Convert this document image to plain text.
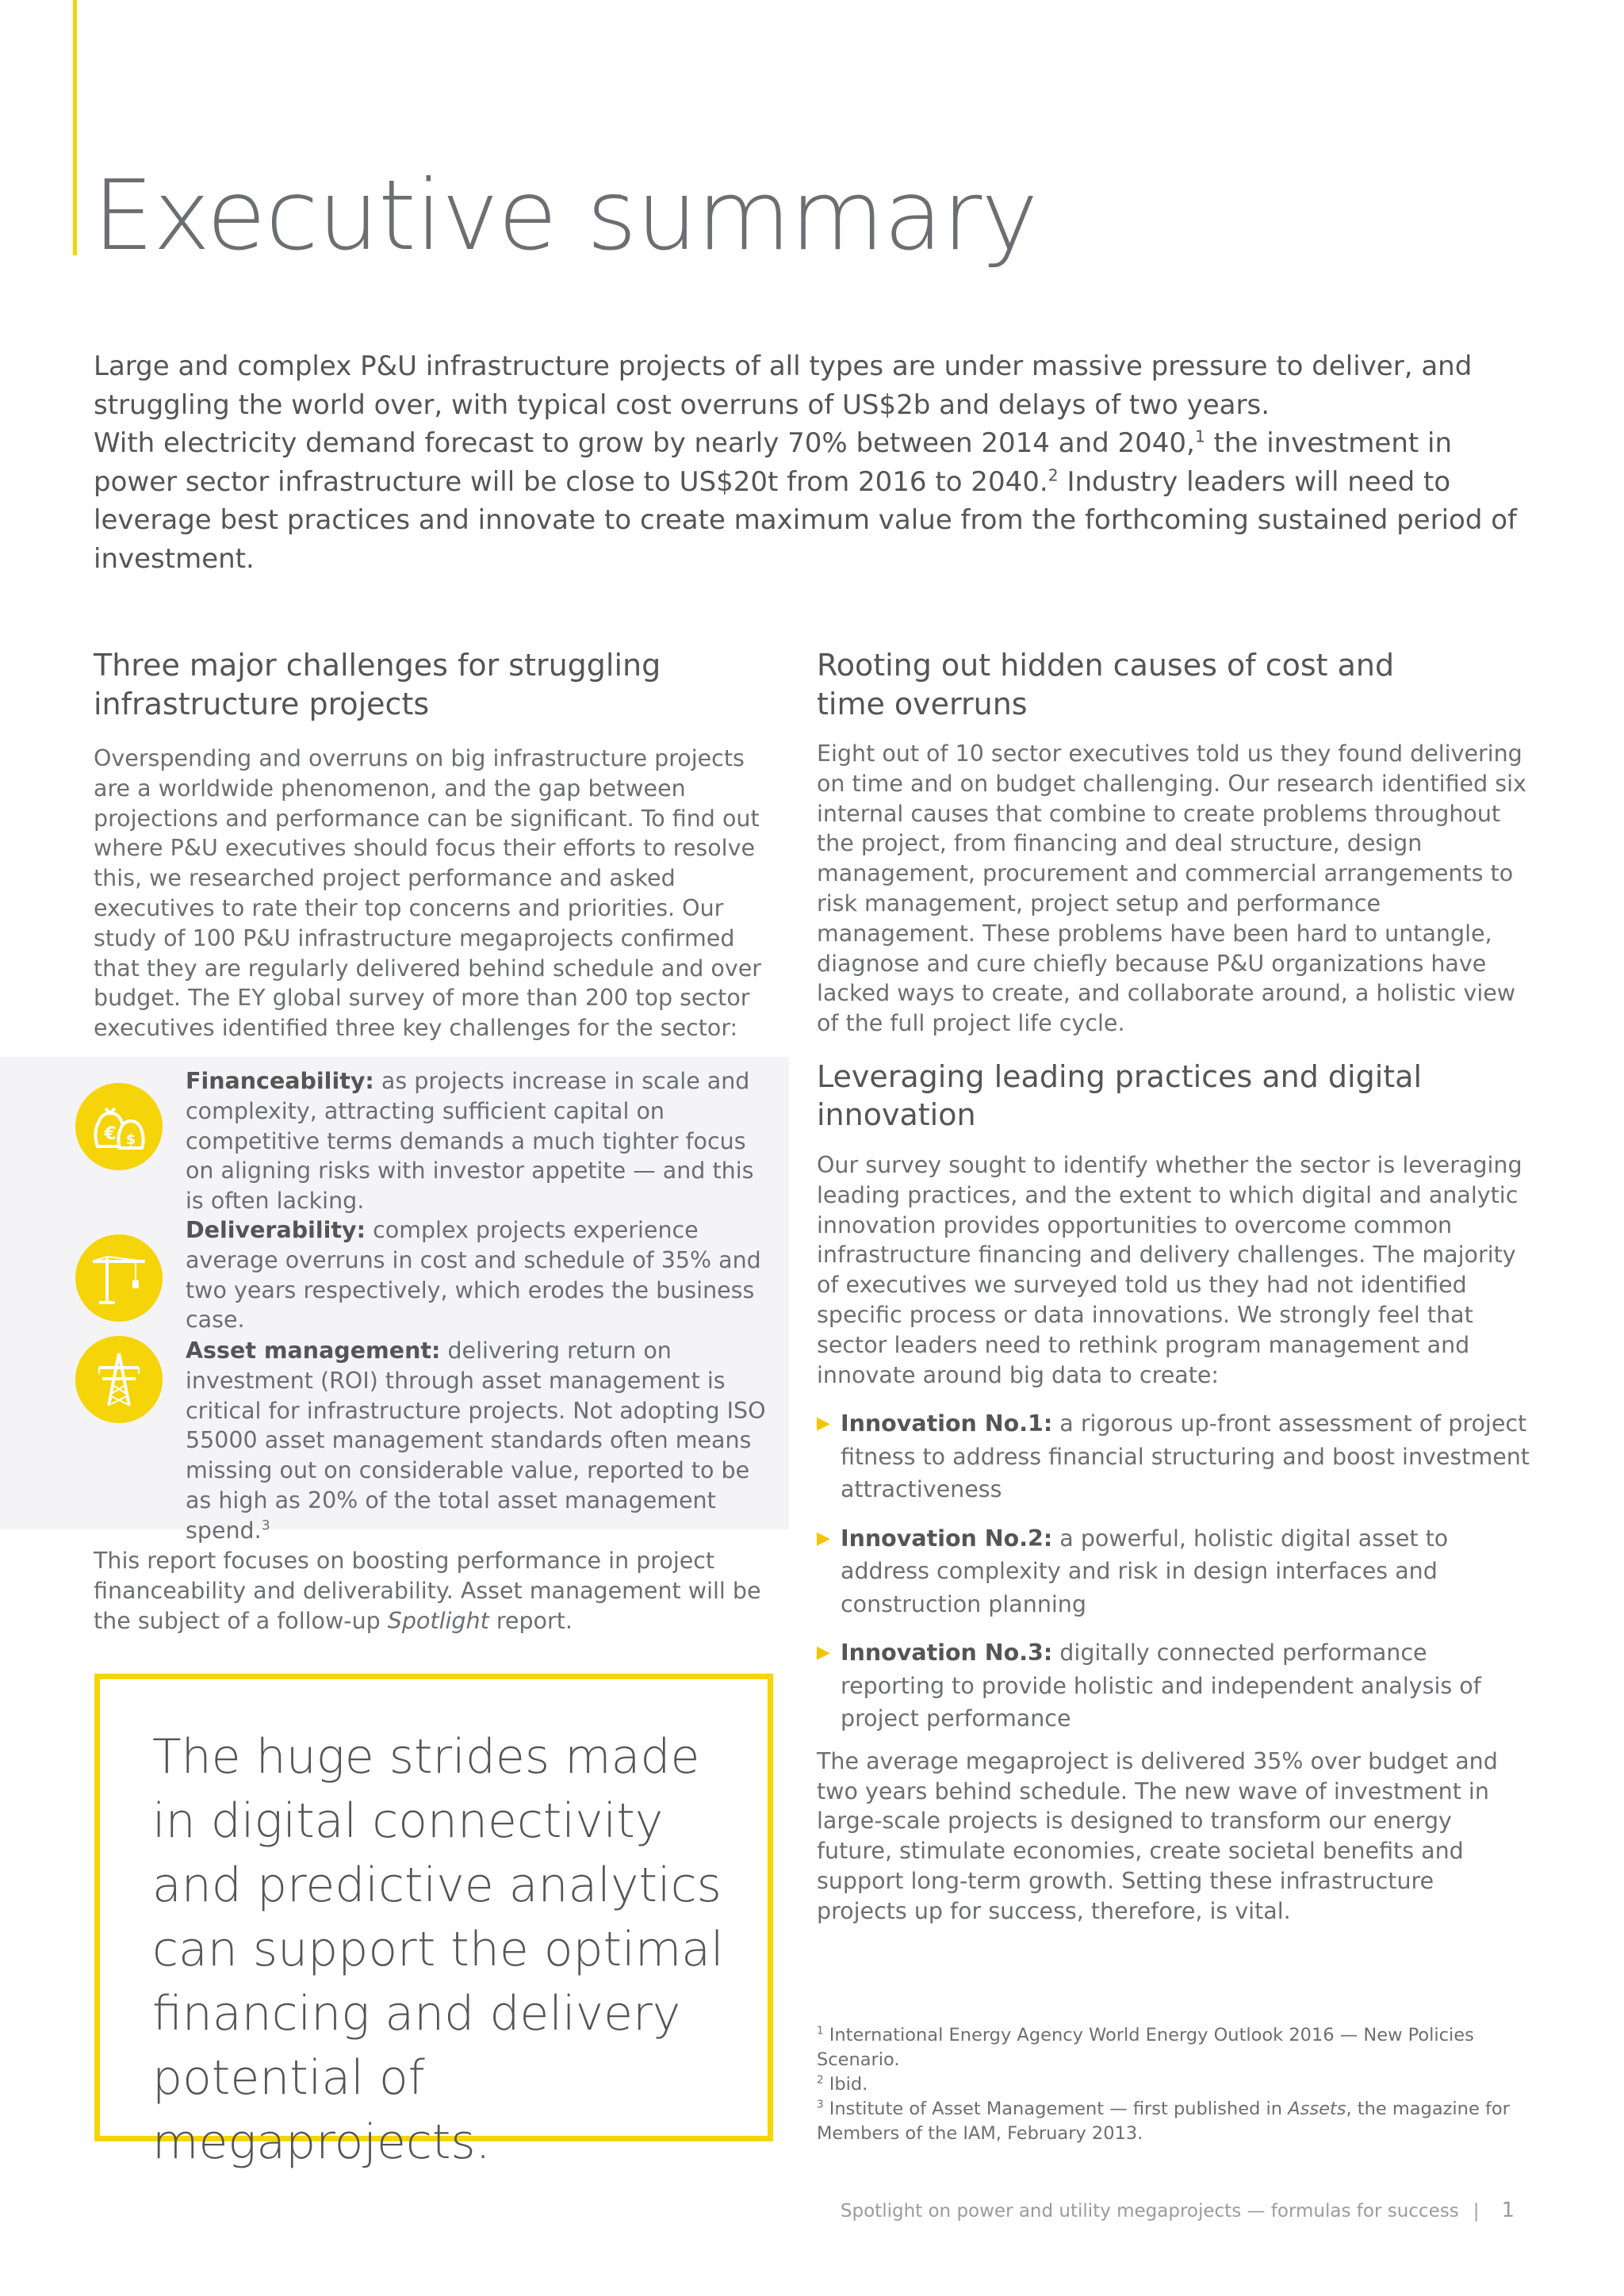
Executive summary

Large and complex P&U infrastructure projects of all types are under massive pressure to deliver, and struggling the world over, with typical cost overruns of US$2b and delays of two years.

With electricity demand forecast to grow by nearly 70% between 2014 and 2040,$^1$ the investment in power sector infrastructure will be close to US$20t from 2016 to 2040.$^2$ Industry leaders will need to leverage best practices and innovate to create maximum value from the forthcoming sustained period of investment.

Three major challenges for struggling
infrastructure projects

Overspending and overruns on big infrastructure projects are a worldwide phenomenon, and the gap between projections and performance can be significant. To find out where P&U executives should focus their efforts to resolve this, we researched project performance and asked executives to rate their top concerns and priorities. Our study of 100 P&U infrastructure megaprojects confirmed that they are regularly delivered behind schedule and over budget. The EY global survey of more than 200 top sector executives identified three key challenges for the sector:

€ $

Financeability: as projects increase in scale and complexity, attracting sufficient capital on competitive terms demands a much tighter focus on aligning risks with investor appetite — and this is often lacking.

Deliverability: complex projects experience average overruns in cost and schedule of 35% and two years respectively, which erodes the business case.

Asset management: delivering return on investment (ROI) through asset management is critical for infrastructure projects. Not adopting ISO 55000 asset management standards often means missing out on considerable value, reported to be as high as 20% of the total asset management spend.$^3$

This report focuses on boosting performance in project financeability and deliverability. Asset management will be the subject of a follow-up Spotlight report.

The huge strides made in digital connectivity and predictive analytics can support the optimal financing and delivery potential of megaprojects.

Rooting out hidden causes of cost and
time overruns

Eight out of 10 sector executives told us they found delivering on time and on budget challenging. Our research identified six internal causes that combine to create problems throughout the project, from financing and deal structure, design management, procurement and commercial arrangements to risk management, project setup and performance management. These problems have been hard to untangle, diagnose and cure chiefly because P&U organizations have lacked ways to create, and collaborate around, a holistic view of the full project life cycle.

Leveraging leading practices and digital
innovation

Our survey sought to identify whether the sector is leveraging leading practices, and the extent to which digital and analytic innovation provides opportunities to overcome common infrastructure financing and delivery challenges. The majority of executives we surveyed told us they had not identified specific process or data innovations. We strongly feel that sector leaders need to rethink program management and innovate around big data to create:

▶ Innovation No.1: a rigorous up-front assessment of project fitness to address financial structuring and boost investment attractiveness

▶ Innovation No.2: a powerful, holistic digital asset to address complexity and risk in design interfaces and construction planning

▶ Innovation No.3: digitally connected performance reporting to provide holistic and independent analysis of project performance

The average megaproject is delivered 35% over budget and two years behind schedule. The new wave of investment in large-scale projects is designed to transform our energy future, stimulate economies, create societal benefits and support long-term growth. Setting these infrastructure projects up for success, therefore, is vital.

$^1$ International Energy Agency World Energy Outlook 2016 — New Policies Scenario.

$^2$ Ibid.

$^3$ Institute of Asset Management — first published in Assets, the magazine for Members of the IAM, February 2013.

Spotlight on power and utility megaprojects — formulas for success | 1
